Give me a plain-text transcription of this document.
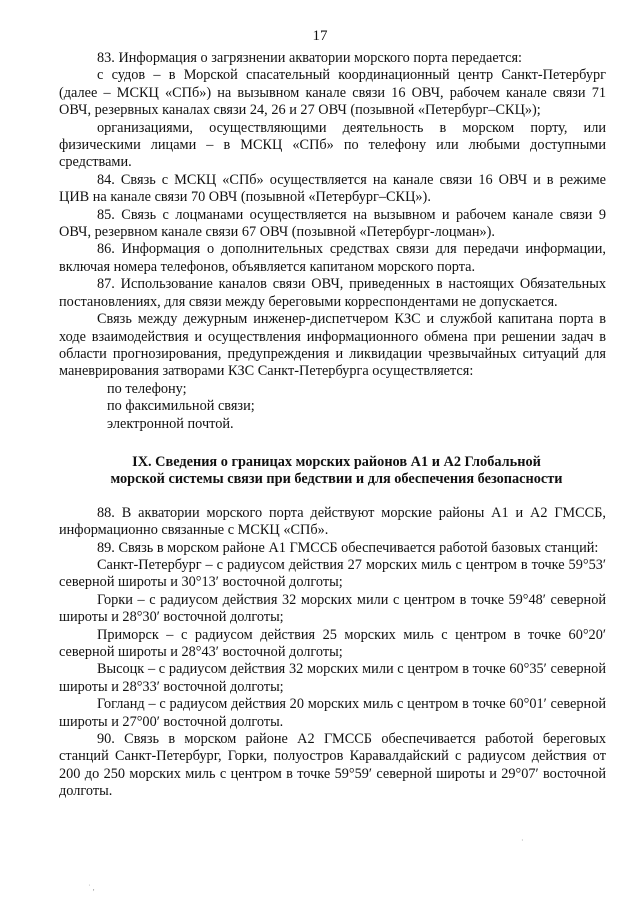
17

83. Информация о загрязнении акватории морского порта передается:

с судов – в Морской спасательный координационный центр Санкт-Петербург (далее – МСКЦ «СПб») на вызывном канале связи 16 ОВЧ, рабочем канале связи 71 ОВЧ, резервных каналах связи 24, 26 и 27 ОВЧ (позывной «Петербург–СКЦ»);

организациями, осуществляющими деятельность в морском порту, или физическими лицами – в МСКЦ «СПб» по телефону или любыми доступными средствами.

84. Связь с МСКЦ «СПб» осуществляется на канале связи 16 ОВЧ и в режиме ЦИВ на канале связи 70 ОВЧ (позывной «Петербург–СКЦ»).

85. Связь с лоцманами осуществляется на вызывном и рабочем канале связи 9 ОВЧ, резервном канале связи 67 ОВЧ (позывной «Петербург-лоцман»).

86. Информация о дополнительных средствах связи для передачи информации, включая номера телефонов, объявляется капитаном морского порта.

87. Использование каналов связи ОВЧ, приведенных в настоящих Обязательных постановлениях, для связи между береговыми корреспондентами не допускается.

Связь между дежурным инженер-диспетчером КЗС и службой капитана порта в ходе взаимодействия и осуществления информационного обмена при решении задач в области прогнозирования, предупреждения и ликвидации чрезвычайных ситуаций для маневрирования затворами КЗС Санкт-Петербурга осуществляется:

по телефону;

по факсимильной связи;

электронной почтой.

IX. Сведения о границах морских районов А1 и А2 Глобальной морской системы связи при бедствии и для обеспечения безопасности

88. В акватории морского порта действуют морские районы А1 и А2 ГМССБ, информационно связанные с МСКЦ «СПб».

89. Связь в морском районе А1 ГМССБ обеспечивается работой базовых станций:

Санкт-Петербург – с радиусом действия 27 морских миль с центром в точке 59°53′ северной широты и 30°13′ восточной долготы;

Горки – с радиусом действия 32 морских мили с центром в точке 59°48′ северной широты и 28°30′ восточной долготы;

Приморск – с радиусом действия 25 морских миль с центром в точке 60°20′ северной широты и 28°43′ восточной долготы;

Высоцк – с радиусом действия 32 морских мили с центром в точке 60°35′ северной широты и 28°33′ восточной долготы;

Гогланд – с радиусом действия 20 морских миль с центром в точке 60°01′ северной широты и 27°00′ восточной долготы.

90. Связь в морском районе А2 ГМССБ обеспечивается работой береговых станций Санкт-Петербург, Горки, полуостров Каравалдайский с радиусом действия от 200 до 250 морских миль с центром в точке 59°59′ северной широты и 29°07′ восточной долготы.

·
˙ ,
